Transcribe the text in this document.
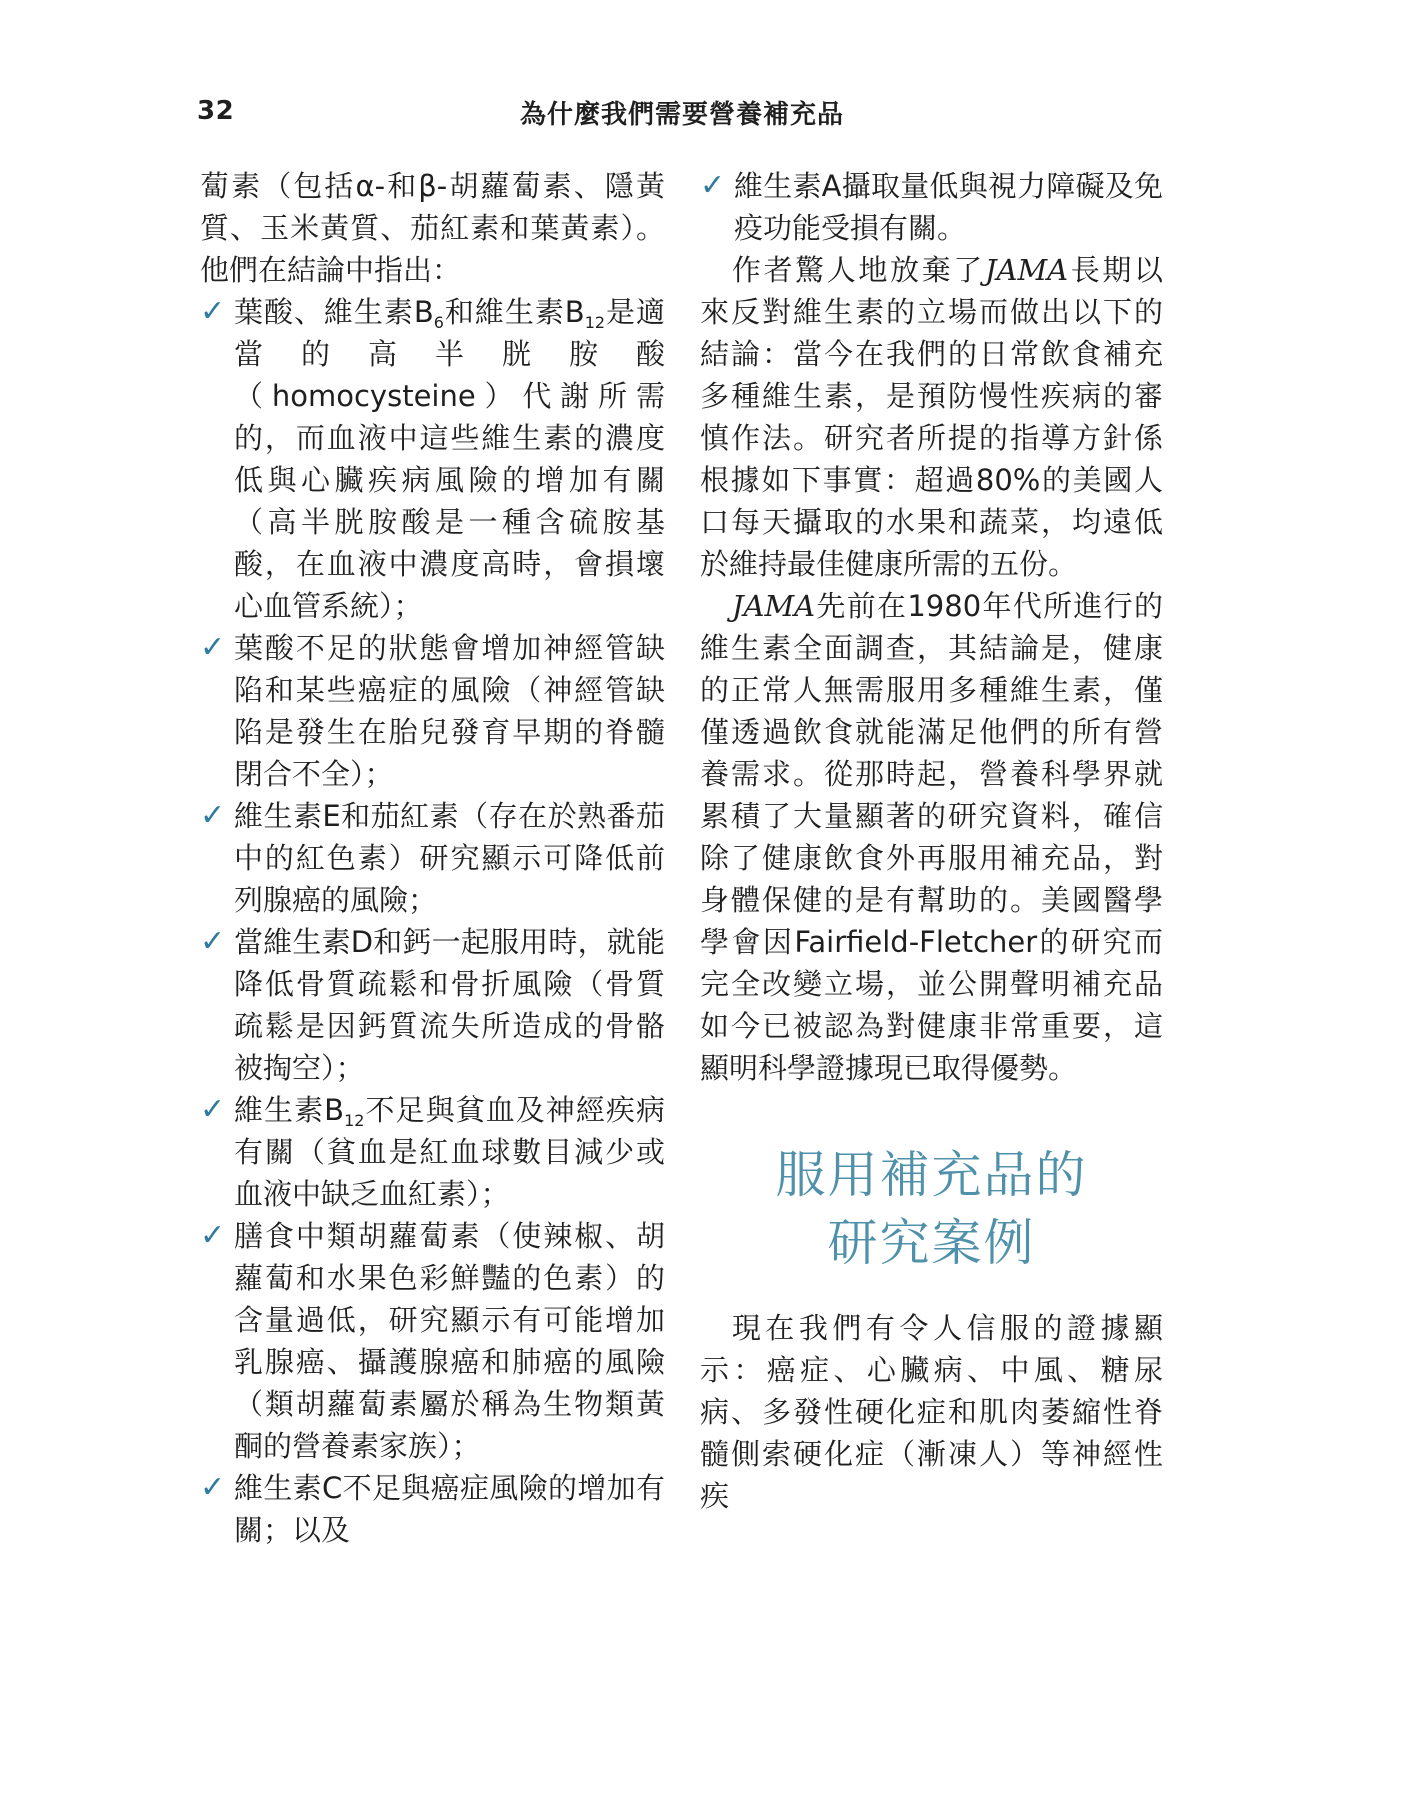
32	為什麼我們需要營養補充品

蔔素（包括α-和β-胡蘿蔔素、隱黃質、玉米黃質、茄紅素和葉黃素）。他們在結論中指出：

✓ 葉酸、維生素$B_6$和維生素$B_{12}$是適當的高半胱胺酸（homocysteine）代謝所需的，而血液中這些維生素的濃度低與心臟疾病風險的增加有關（高半胱胺酸是一種含硫胺基酸，在血液中濃度高時，會損壞心血管系統）；
✓ 葉酸不足的狀態會增加神經管缺陷和某些癌症的風險（神經管缺陷是發生在胎兒發育早期的脊髓閉合不全）；
✓ 維生素E和茄紅素（存在於熟番茄中的紅色素）研究顯示可降低前列腺癌的風險；
✓ 當維生素D和鈣一起服用時，就能降低骨質疏鬆和骨折風險（骨質疏鬆是因鈣質流失所造成的骨骼被掏空）；
✓ 維生素$B_{12}$不足與貧血及神經疾病有關（貧血是紅血球數目減少或血液中缺乏血紅素）；
✓ 膳食中類胡蘿蔔素（使辣椒、胡蘿蔔和水果色彩鮮豔的色素）的含量過低，研究顯示有可能增加乳腺癌、攝護腺癌和肺癌的風險（類胡蘿蔔素屬於稱為生物類黃酮的營養素家族）；
✓ 維生素C不足與癌症風險的增加有關；以及
✓ 維生素A攝取量低與視力障礙及免疫功能受損有關。

作者驚人地放棄了JAMA長期以來反對維生素的立場而做出以下的結論：當今在我們的日常飲食補充多種維生素，是預防慢性疾病的審慎作法。研究者所提的指導方針係根據如下事實：超過80%的美國人口每天攝取的水果和蔬菜，均遠低於維持最佳健康所需的五份。

JAMA先前在1980年代所進行的維生素全面調查，其結論是，健康的正常人無需服用多種維生素，僅僅透過飲食就能滿足他們的所有營養需求。從那時起，營養科學界就累積了大量顯著的研究資料，確信除了健康飲食外再服用補充品，對身體保健的是有幫助的。美國醫學學會因Fairfield-Fletcher的研究而完全改變立場，並公開聲明補充品如今已被認為對健康非常重要，這顯明科學證據現已取得優勢。

服用補充品的
研究案例

現在我們有令人信服的證據顯示：癌症、心臟病、中風、糖尿病、多發性硬化症和肌肉萎縮性脊髓側索硬化症（漸凍人）等神經性疾
